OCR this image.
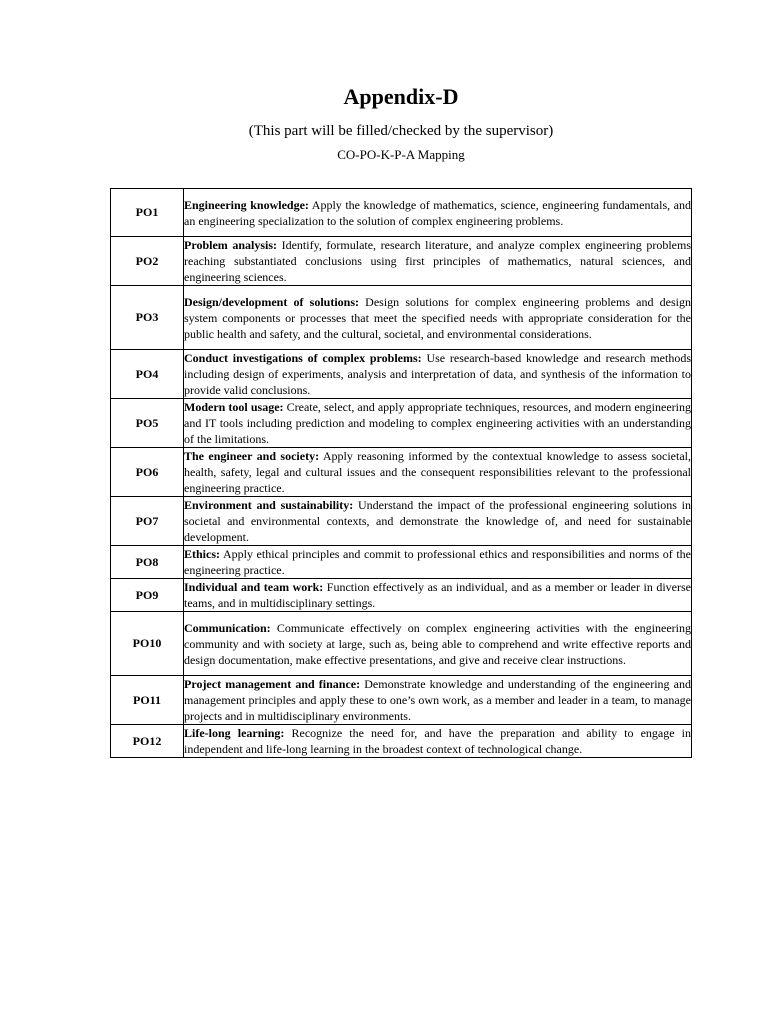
Appendix-D
(This part will be filled/checked by the supervisor)
CO-PO-K-P-A Mapping
PO1	Engineering knowledge: Apply the knowledge of mathematics, science, engineering fundamentals, and an engineering specialization to the solution of complex engineering problems.
PO2	Problem analysis: Identify, formulate, research literature, and analyze complex engineering problems reaching substantiated conclusions using first principles of mathematics, natural sciences, and engineering sciences.
PO3	Design/development of solutions: Design solutions for complex engineering problems and design system components or processes that meet the specified needs with appropriate consideration for the public health and safety, and the cultural, societal, and environmental considerations.
PO4	Conduct investigations of complex problems: Use research-based knowledge and research methods including design of experiments, analysis and interpretation of data, and synthesis of the information to provide valid conclusions.
PO5	Modern tool usage: Create, select, and apply appropriate techniques, resources, and modern engineering and IT tools including prediction and modeling to complex engineering activities with an understanding of the limitations.
PO6	The engineer and society: Apply reasoning informed by the contextual knowledge to assess societal, health, safety, legal and cultural issues and the consequent responsibilities relevant to the professional engineering practice.
PO7	Environment and sustainability: Understand the impact of the professional engineering solutions in societal and environmental contexts, and demonstrate the knowledge of, and need for sustainable development.
PO8	Ethics: Apply ethical principles and commit to professional ethics and responsibilities and norms of the engineering practice.
PO9	Individual and team work: Function effectively as an individual, and as a member or leader in diverse teams, and in multidisciplinary settings.
PO10	Communication: Communicate effectively on complex engineering activities with the engineering community and with society at large, such as, being able to comprehend and write effective reports and design documentation, make effective presentations, and give and receive clear instructions.
PO11	Project management and finance: Demonstrate knowledge and understanding of the engineering and management principles and apply these to one’s own work, as a member and leader in a team, to manage projects and in multidisciplinary environments.
PO12	Life-long learning: Recognize the need for, and have the preparation and ability to engage in independent and life-long learning in the broadest context of technological change.
